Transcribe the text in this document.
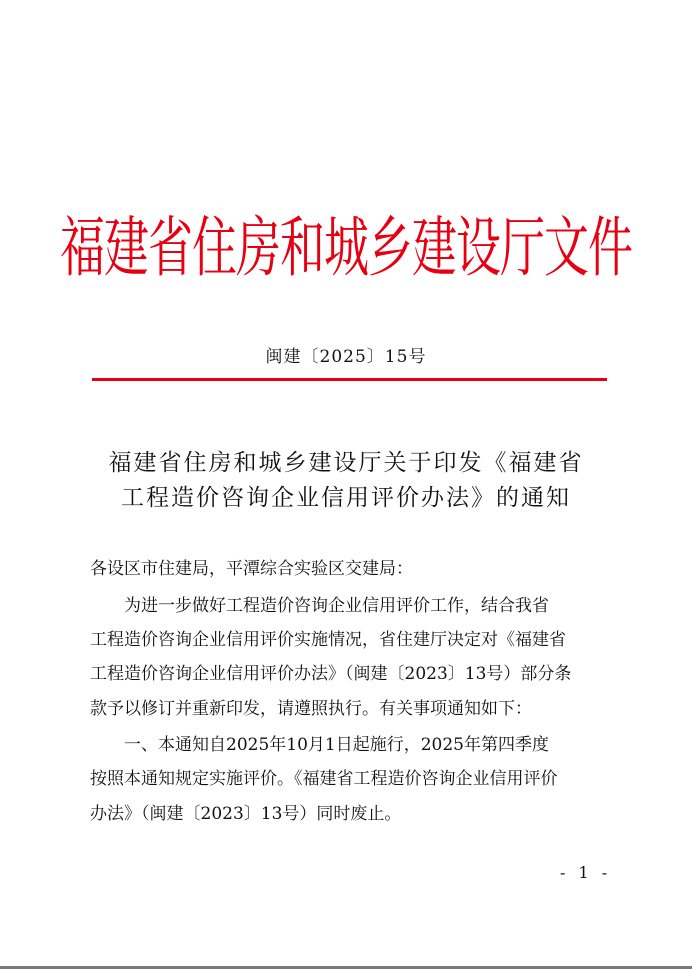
福建省住房和城乡建设厅文件
闽建〔2025〕15号
福建省住房和城乡建设厅关于印发《福建省
工程造价咨询企业信用评价办法》的通知
各设区市住建局，平潭综合实验区交建局：
　　为进一步做好工程造价咨询企业信用评价工作，结合我省
工程造价咨询企业信用评价实施情况，省住建厅决定对《福建省
工程造价咨询企业信用评价办法》（闽建〔2023〕13号）部分条
款予以修订并重新印发，请遵照执行。有关事项通知如下：
　　一、本通知自2025年10月1日起施行，2025年第四季度
按照本通知规定实施评价。《福建省工程造价咨询企业信用评价
办法》（闽建〔2023〕13号）同时废止。
- 1 -
